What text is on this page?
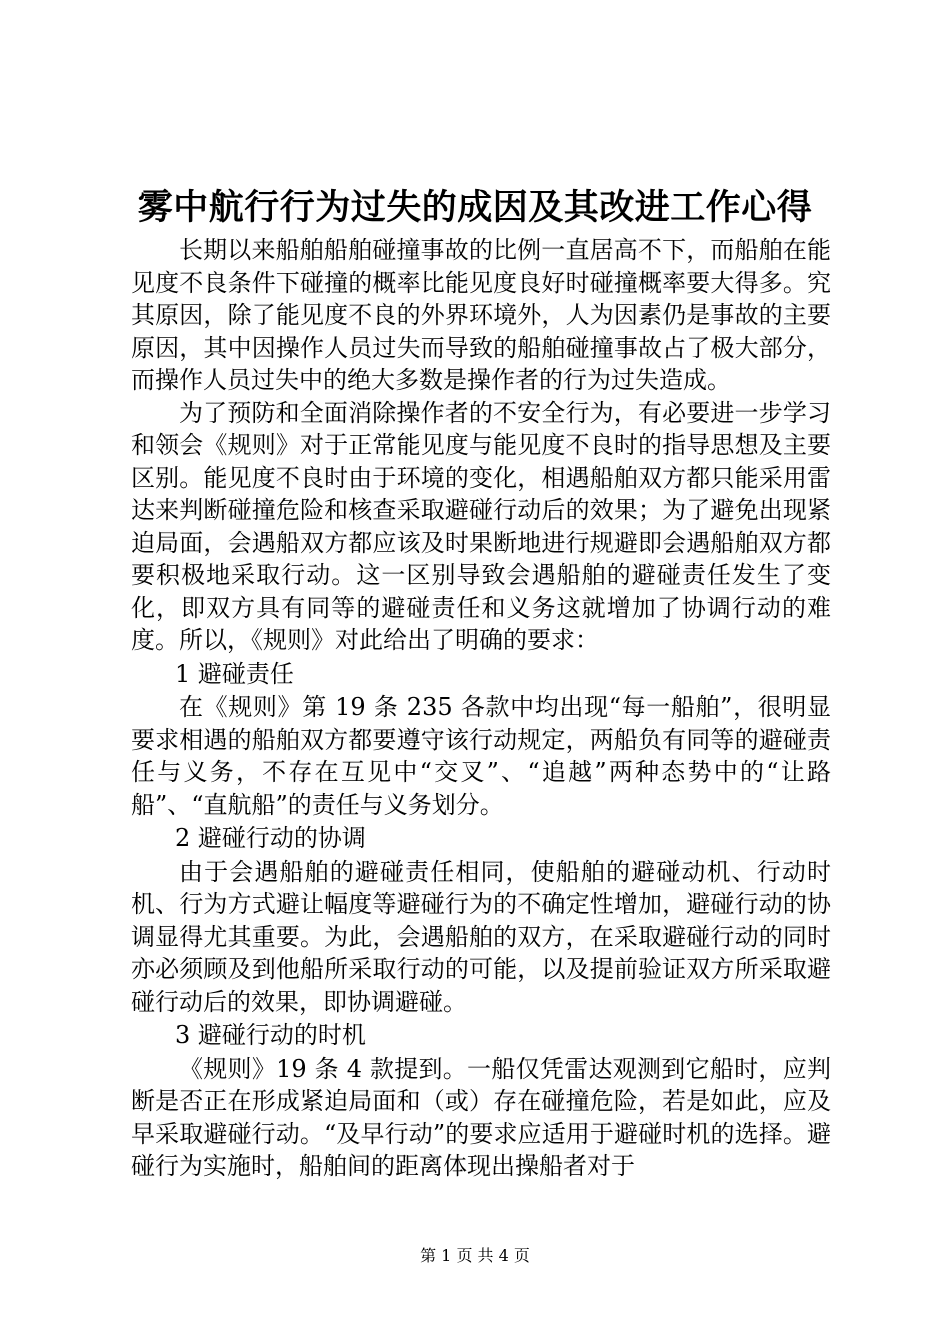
雾中航行行为过失的成因及其改进工作心得

长期以来船舶船舶碰撞事故的比例一直居高不下，而船舶在能见度不良条件下碰撞的概率比能见度良好时碰撞概率要大得多。究其原因，除了能见度不良的外界环境外，人为因素仍是事故的主要原因，其中因操作人员过失而导致的船舶碰撞事故占了极大部分，而操作人员过失中的绝大多数是操作者的行为过失造成。

为了预防和全面消除操作者的不安全行为，有必要进一步学习和领会《规则》对于正常能见度与能见度不良时的指导思想及主要区别。能见度不良时由于环境的变化，相遇船舶双方都只能采用雷达来判断碰撞危险和核查采取避碰行动后的效果；为了避免出现紧迫局面，会遇船双方都应该及时果断地进行规避即会遇船舶双方都要积极地采取行动。这一区别导致会遇船舶的避碰责任发生了变化，即双方具有同等的避碰责任和义务这就增加了协调行动的难度。所以，《规则》对此给出了明确的要求：

1 避碰责任

在《规则》第 19 条 235 各款中均出现“每一船舶”，很明显要求相遇的船舶双方都要遵守该行动规定，两船负有同等的避碰责任与义务，不存在互见中“交叉”、“追越”两种态势中的“让路船”、“直航船”的责任与义务划分。

2 避碰行动的协调

由于会遇船舶的避碰责任相同，使船舶的避碰动机、行动时机、行为方式避让幅度等避碰行为的不确定性增加，避碰行动的协调显得尤其重要。为此，会遇船舶的双方，在采取避碰行动的同时亦必须顾及到他船所采取行动的可能，以及提前验证双方所采取避碰行动后的效果，即协调避碰。

3 避碰行动的时机

《规则》19 条 4 款提到。一船仅凭雷达观测到它船时，应判断是否正在形成紧迫局面和（或）存在碰撞危险，若是如此，应及早采取避碰行动。“及早行动”的要求应适用于避碰时机的选择。避碰行为实施时，船舶间的距离体现出操船者对于

第 1 页 共 4 页
